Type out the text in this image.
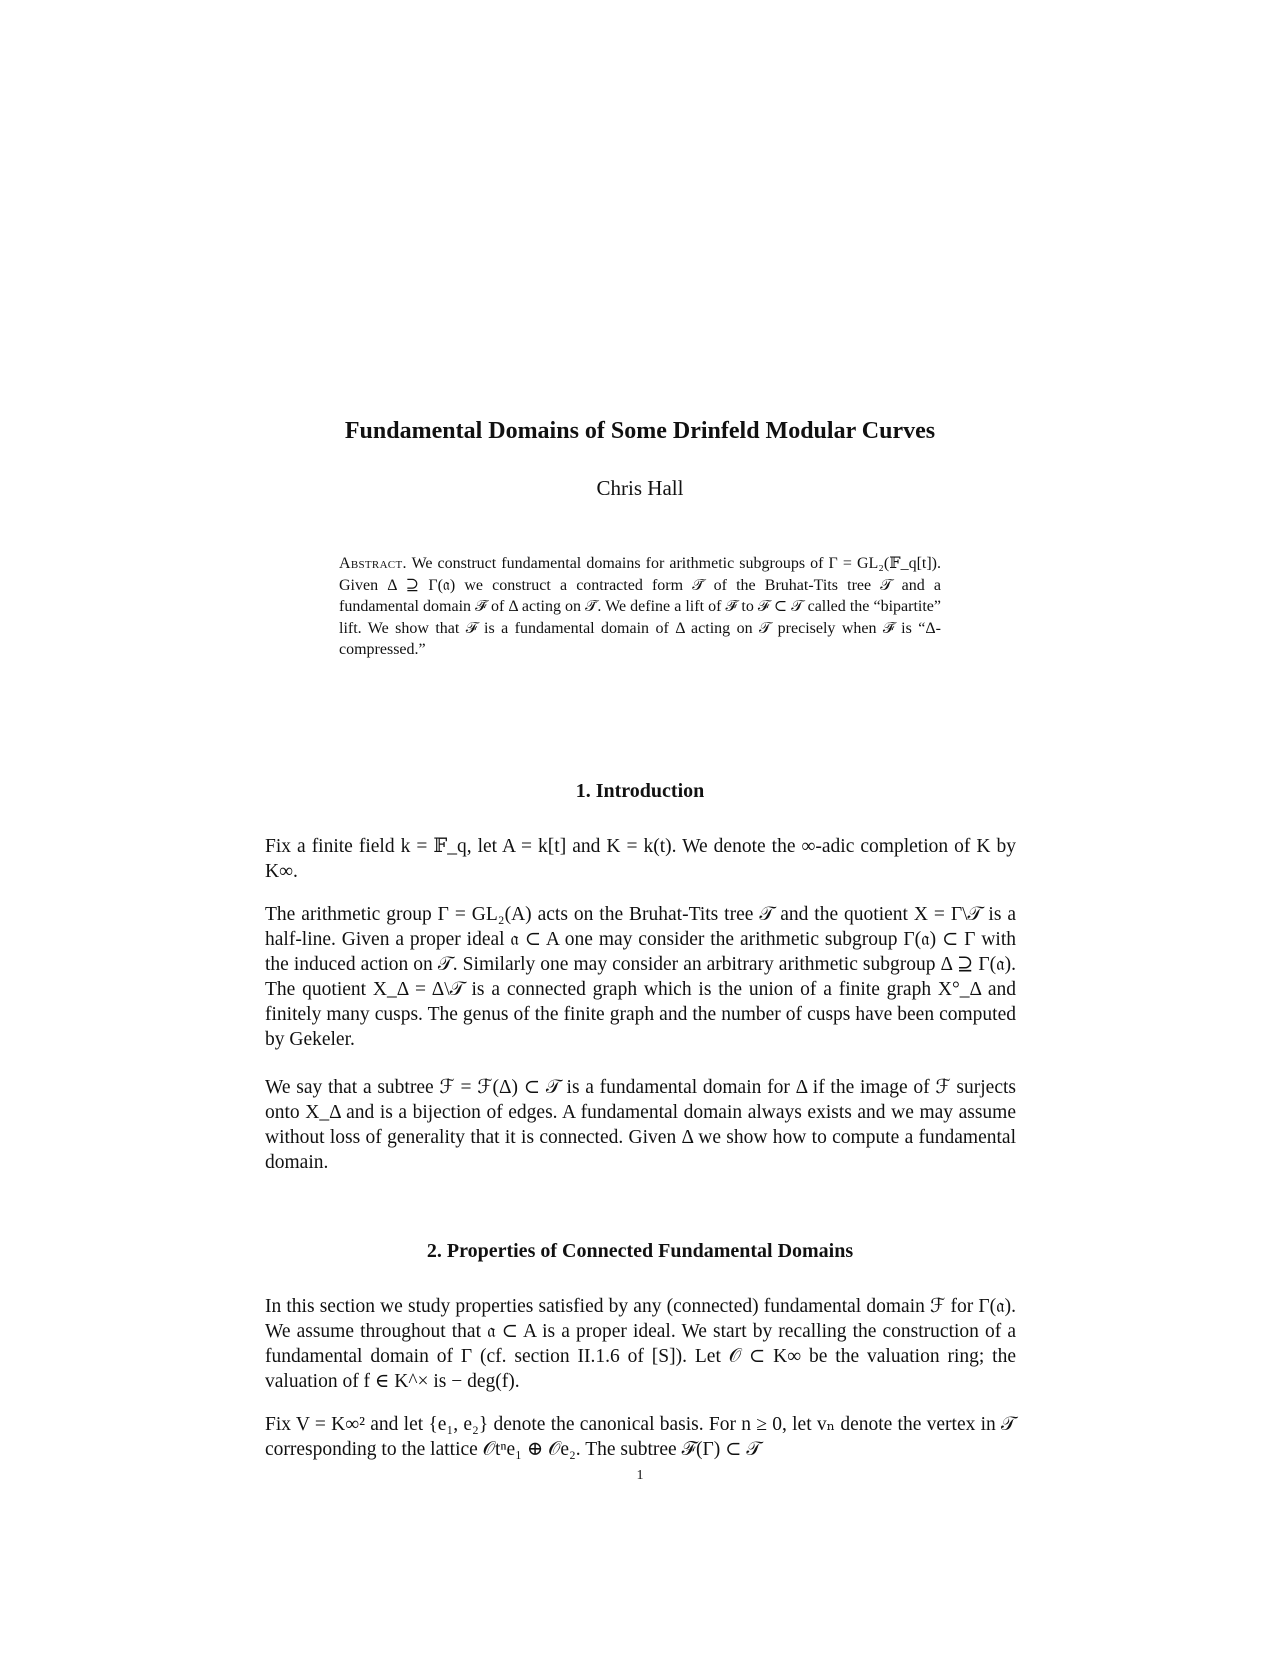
Fundamental Domains of Some Drinfeld Modular Curves
Chris Hall
Abstract. We construct fundamental domains for arithmetic subgroups of Γ = GL₂(𝔽_q[t]). Given Δ ⊇ Γ(𝔞) we construct a contracted form 𝒯̄ of the Bruhat-Tits tree 𝒯 and a fundamental domain ℱ̄ of Δ acting on 𝒯̄. We define a lift of ℱ̄ to ℱ ⊂ 𝒯 called the “bipartite” lift. We show that ℱ is a fundamental domain of Δ acting on 𝒯 precisely when ℱ̄ is “Δ-compressed.”
1. Introduction
Fix a finite field k = 𝔽_q, let A = k[t] and K = k(t). We denote the ∞-adic completion of K by K∞.
The arithmetic group Γ = GL₂(A) acts on the Bruhat-Tits tree 𝒯 and the quotient X = Γ\𝒯 is a half-line. Given a proper ideal 𝔞 ⊂ A one may consider the arithmetic subgroup Γ(𝔞) ⊂ Γ with the induced action on 𝒯. Similarly one may consider an arbitrary arithmetic subgroup Δ ⊇ Γ(𝔞). The quotient X_Δ = Δ\𝒯 is a connected graph which is the union of a finite graph X°_Δ and finitely many cusps. The genus of the finite graph and the number of cusps have been computed by Gekeler.
We say that a subtree ℱ = ℱ(Δ) ⊂ 𝒯 is a fundamental domain for Δ if the image of ℱ surjects onto X_Δ and is a bijection of edges. A fundamental domain always exists and we may assume without loss of generality that it is connected. Given Δ we show how to compute a fundamental domain.
2. Properties of Connected Fundamental Domains
In this section we study properties satisfied by any (connected) fundamental domain ℱ for Γ(𝔞). We assume throughout that 𝔞 ⊂ A is a proper ideal. We start by recalling the construction of a fundamental domain of Γ (cf. section II.1.6 of [S]). Let 𝒪 ⊂ K∞ be the valuation ring; the valuation of f ∈ K^× is − deg(f).
Fix V = K∞² and let {e₁, e₂} denote the canonical basis. For n ≥ 0, let vₙ denote the vertex in 𝒯 corresponding to the lattice 𝒪tⁿe₁ ⊕ 𝒪e₂. The subtree ℱ(Γ) ⊂ 𝒯
1
